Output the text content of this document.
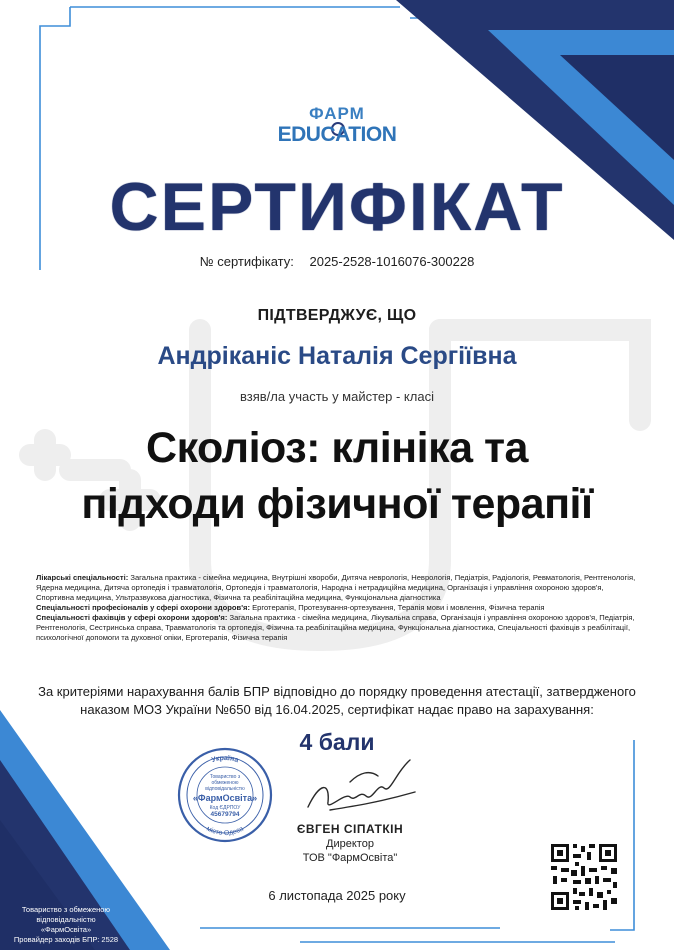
ФАРМ
EDUCATION
СЕРТИФІКАТ
№ сертифікату: 2025-2528-1016076-300228
ПІДТВЕРДЖУЄ, ЩО
Андріканіс Наталія Сергіївна
взяв/ла участь у майстер - класі
Сколіоз: клініка та
підходи фізичної терапії
Лікарські спеціальності: Загальна практика - сімейна медицина, Внутрішні хвороби, Дитяча неврологія, Неврологія, Педіатрія, Радіологія, Ревматологія, Рентгенологія, Ядерна медицина, Дитяча ортопедія і травматологія, Ортопедія і травматологія, Народна і нетрадиційна медицина, Організація і управління охороною здоров'я, Спортивна медицина, Ультразвукова діагностика, Фізична та реабілітаційна медицина, Функціональна діагностика
Спеціальності професіоналів у сфері охорони здоров'я: Ерготерапія, Протезування-ортезування, Терапія мови і мовлення, Фізична терапія
Спеціальності фахівців у сфері охорони здоров'я: Загальна практика - сімейна медицина, Лікувальна справа, Організація і управління охороною здоров'я, Педіатрія, Рентгенологія, Сестринська справа, Травматологія та ортопедія, Фізична та реабілітаційна медицина, Функціональна діагностика, Спеціальності фахівців з реабілітації, психологічної допомоги та духовної опіки, Ерготерапія, Фізична терапія
За критеріями нарахування балів БПР відповідно до порядку проведення атестації, затвердженого
наказом МОЗ України №650 від 16.04.2025, сертифікат надає право на зарахування:
4 бали
Україна
місто Одеса
Товариство з
обмеженою
відповідальністю
«ФармОсвіта»
Код ЄДРПОУ
45679794
ЄВГЕН СІПАТКІН
Директор
ТОВ "ФармОсвіта"
6 листопада 2025 року
Товариство з обмеженою
відповідальністю
«ФармОсвіта»
Провайдер заходів БПР: 2528
